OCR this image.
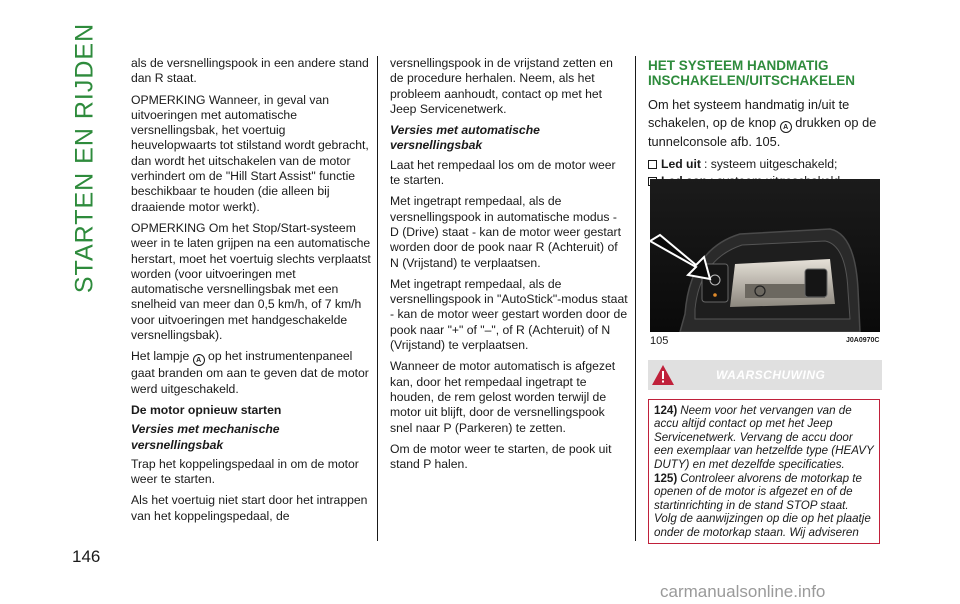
STARTEN EN RIJDEN	als de versnellingspook in een andere stand dan R staat.

OPMERKING Wanneer, in geval van uitvoeringen met automatische versnellingsbak, het voertuig heuvelopwaarts tot stilstand wordt gebracht, dan wordt het uitschakelen van de motor verhindert om de "Hill Start Assist" functie beschikbaar te houden (die alleen bij draaiende motor werkt).

OPMERKING Om het Stop/Start-systeem weer in te laten grijpen na een automatische herstart, moet het voertuig slechts verplaatst worden (voor uitvoeringen met automatische versnellingsbak met een snelheid van meer dan 0,5 km/h, of 7 km/h voor uitvoeringen met handgeschakelde versnellingsbak).

Het lampje A op het instrumentenpaneel gaat branden om aan te geven dat de motor werd uitgeschakeld.

De motor opnieuw starten
Versies met mechanische versnellingsbak

Trap het koppelingspedaal in om de motor weer te starten.

Als het voertuig niet start door het intrappen van het koppelingspedaal, de

versnellingspook in de vrijstand zetten en de procedure herhalen. Neem, als het probleem aanhoudt, contact op met het Jeep Servicenetwerk.

Versies met automatische versnellingsbak

Laat het rempedaal los om de motor weer te starten.

Met ingetrapt rempedaal, als de versnellingspook in automatische modus - D (Drive) staat - kan de motor weer gestart worden door de pook naar R (Achteruit) of N (Vrijstand) te verplaatsen.

Met ingetrapt rempedaal, als de versnellingspook in "AutoStick"-modus staat - kan de motor weer gestart worden door de pook naar "+" of "–", of R (Achteruit) of N (Vrijstand) te verplaatsen.

Wanneer de motor automatisch is afgezet kan, door het rempedaal ingetrapt te houden, de rem gelost worden terwijl de motor uit blijft, door de versnellingspook snel naar P (Parkeren) te zetten.

Om de motor weer te starten, de pook uit stand P halen.

HET SYSTEEM HANDMATIG INSCHAKELEN/UITSCHAKELEN

Om het systeem handmatig in/uit te schakelen, op de knop A drukken op de tunnelconsole afb. 105.

Led uit : systeem uitgeschakeld;
105	J0A0970C
WAARSCHUWING

124) Neem voor het vervangen van de accu altijd contact op met het Jeep Servicenetwerk. Vervang de accu door een exemplaar van hetzelfde type (HEAVY DUTY) en met dezelfde specificaties.

125) Controleer alvorens de motorkap te openen of de motor is afgezet en of de startinrichting in de stand STOP staat. Volg de aanwijzingen op die op het plaatje onder de motorkap staan. Wij adviseren

146
carmanualsonline.info
